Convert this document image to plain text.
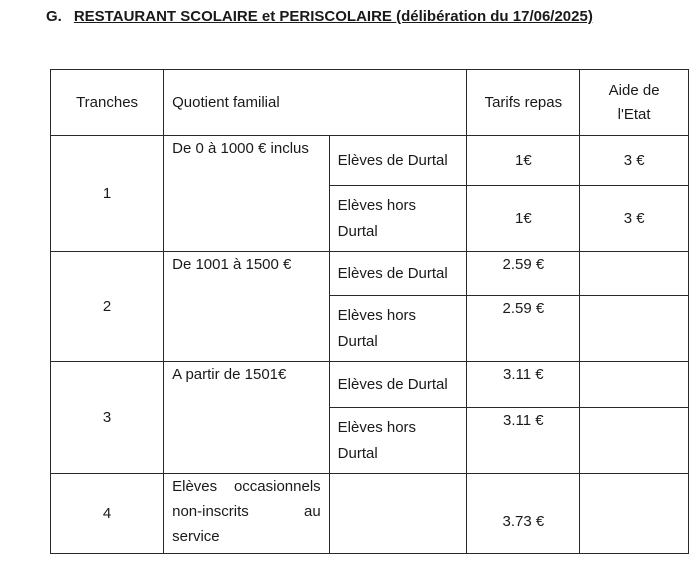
G. RESTAURANT SCOLAIRE et PERISCOLAIRE (délibération du 17/06/2025)
Tranches	Quotient familial		Tarifs repas	Aide de
l'Etat

1	De 0 à 1000 € inclus	Elèves de Durtal	1€	3 €
		Elèves hors Durtal	1€	3 €
2	De 1001 à 1500 €	Elèves de Durtal	2.59 €	
		Elèves hors Durtal	2.59 €	
3	A partir de 1501€	Elèves de Durtal	3.11 €	
		Elèves hors Durtal	3.11 €	
4	Elèves occasionnels non-inscrits au service		3.73 €	
